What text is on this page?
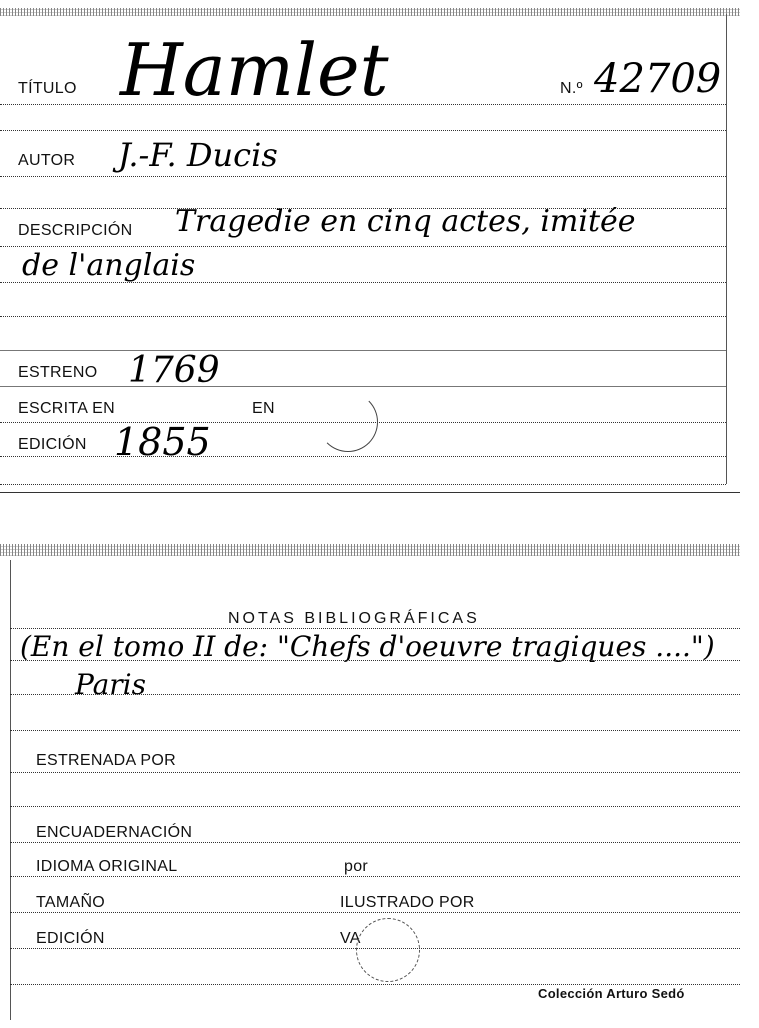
TÍTULO Hamlet	N.º 42709
AUTOR J.-F. Ducis
DESCRIPCIÓN Tragedie en cinq actes, imitée
de l'anglais
ESTRENO 1769
ESCRITA EN	EN
EDICIÓN 1855
NOTAS BIBLIOGRÁFICAS
(En el tomo II de: "Chefs d'oeuvre tragiques ....")
Paris
ESTRENADA POR
ENCUADERNACIÓN
IDIOMA ORIGINAL	por
TAMAÑO	ILUSTRADO POR
EDICIÓN	VA
Colección Arturo Sedó
